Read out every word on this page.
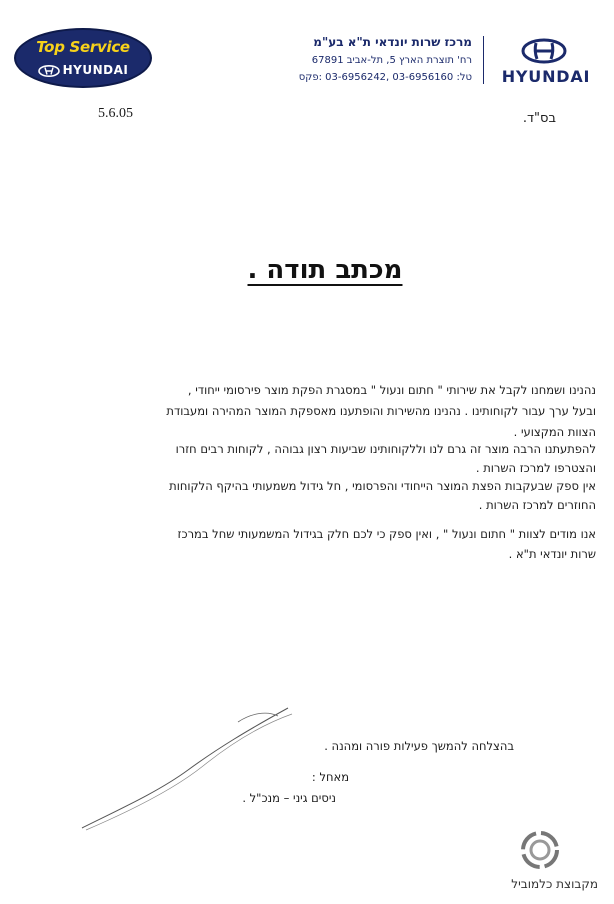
Top Service
HYUNDAI
מרכז שרות יונדאי ת"א בע"מ
רח' תוצרת הארץ 5, תל-אביב 67891
טל: 03-6956160 ,03-6956242 :פקס	HYUNDAI
5.6.05	בס"ד.
מכתב תודה .
נהנינו ושמחנו לקבל את שירותי " חתום ונעול " במסגרת הפקת מוצר פירסומי ייחודי ,
ובעל ערך עבור לקוחותינו . נהנינו מהשירות והופתענו מאספקת המוצר המהירה ומעבודת
הצוות המקצועי .
להפתעתנו הרבה מוצר זה גרם לנו וללקוחותינו שביעות רצון גבוהה , לקוחות רבים חזרו
והצטרפו למרכז השרות .
אין ספק שבעקבות הפצת המוצר הייחודי והפרסומי , חל גידול משמעותי בהיקף הלקוחות
החוזרים למרכז השרות .
אנו מודים לצוות " חתום ונעול " , ואין ספק כי לכם חלק בגידול המשמעותי שחל במרכז
שרות יונדאי ת"א .
בהצלחה להמשך פעילות פורה ומהנה .
מאחל :
ניסים גיני – מנכ"ל .
מקבוצת כלמוביל
